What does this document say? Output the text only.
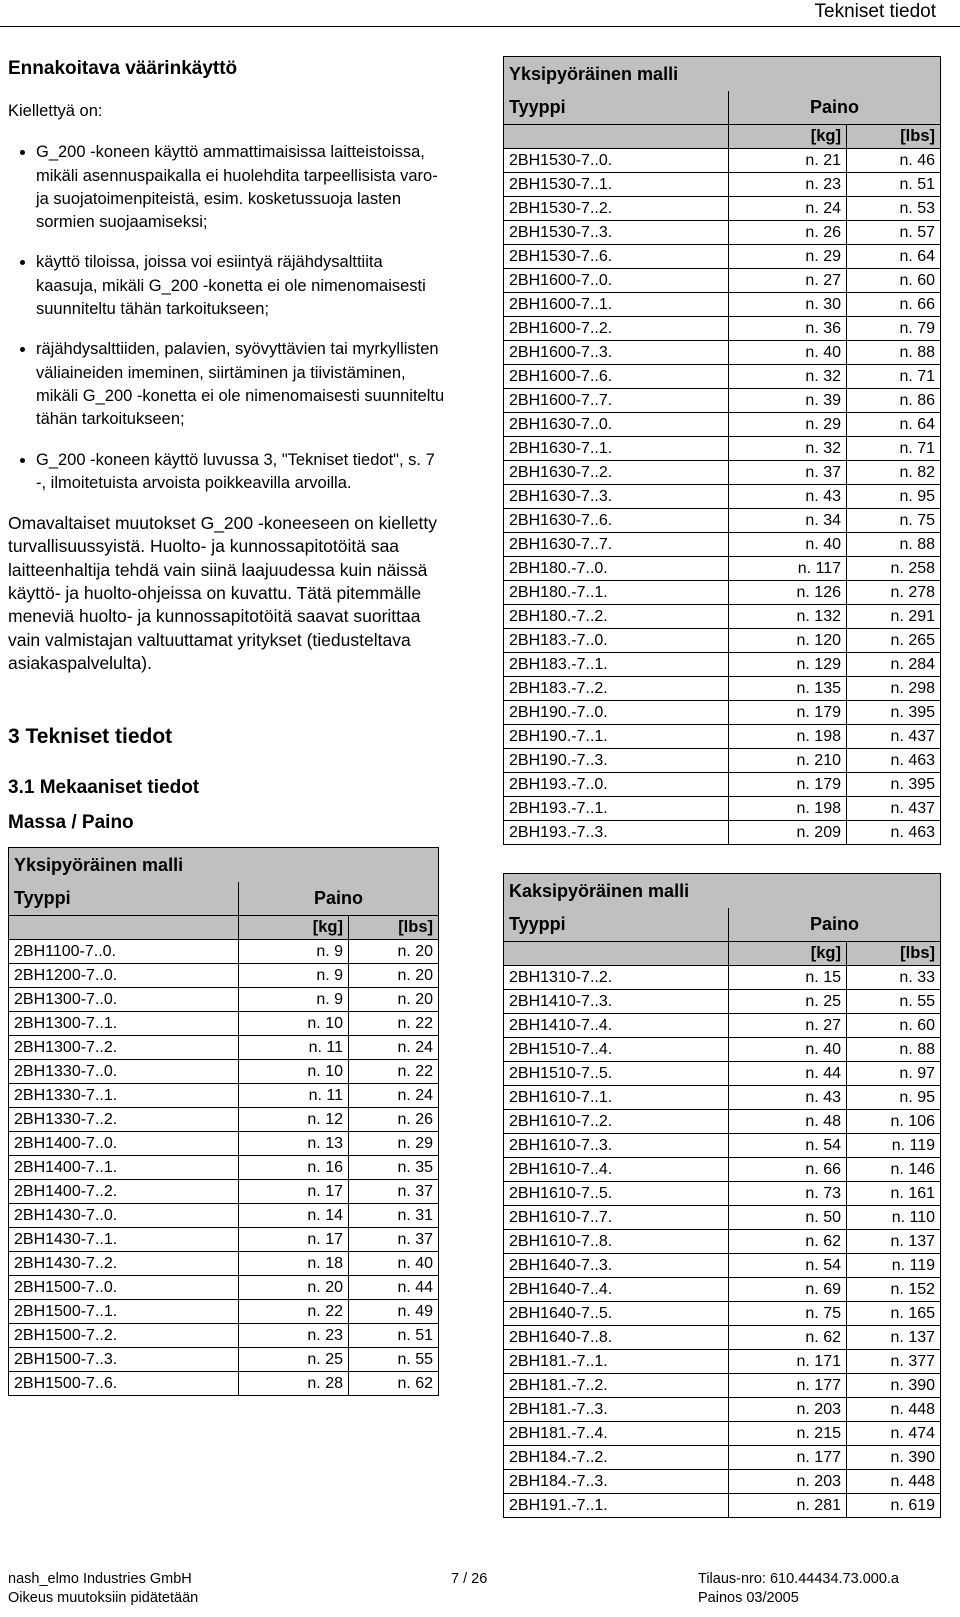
Tekniset tiedot
Ennakoitava väärinkäyttö

Kiellettyä on:

• G_200 -koneen käyttö ammattimaisissa laitteistoissa, mikäli asennuspaikalla ei huolehdita tarpeellisista varo- ja suojatoimenpiteistä, esim. kosketussuoja lasten sormien suojaamiseksi;
• käyttö tiloissa, joissa voi esiintyä räjähdysalttiita kaasuja, mikäli G_200 -konetta ei ole nimenomaisesti suunniteltu tähän tarkoitukseen;
• räjähdysalttiiden, palavien, syövyttävien tai myrkyllisten väliaineiden imeminen, siirtäminen ja tiivistäminen, mikäli G_200 -konetta ei ole nimenomaisesti suunniteltu tähän tarkoitukseen;
• G_200 -koneen käyttö luvussa 3, "Tekniset tiedot", s. 7 -, ilmoitetuista arvoista poikkeavilla arvoilla.

Omavaltaiset muutokset G_200 -koneeseen on kielletty turvallisuussyistä. Huolto- ja kunnossapitotöitä saa laitteenhaltija tehdä vain siinä laajuudessa kuin näissä käyttö- ja huolto-ohjeissa on kuvattu. Tätä pitemmälle meneviä huolto- ja kunnossapitotöitä saavat suorittaa vain valmistajan valtuuttamat yritykset (tiedusteltava asiakaspalvelulta).

3 Tekniset tiedot
3.1 Mekaaniset tiedot
Massa / Paino
Yksipyöräinen malli		
Tyyppi	Paino	
	[kg]	[lbs]
2BH1100-7..0.	n. 9	n. 20
2BH1200-7..0.	n. 9	n. 20
2BH1300-7..0.	n. 9	n. 20
2BH1300-7..1.	n. 10	n. 22
2BH1300-7..2.	n. 11	n. 24
2BH1330-7..0.	n. 10	n. 22
2BH1330-7..1.	n. 11	n. 24
2BH1330-7..2.	n. 12	n. 26
2BH1400-7..0.	n. 13	n. 29
2BH1400-7..1.	n. 16	n. 35
2BH1400-7..2.	n. 17	n. 37
2BH1430-7..0.	n. 14	n. 31
2BH1430-7..1.	n. 17	n. 37
2BH1430-7..2.	n. 18	n. 40
2BH1500-7..0.	n. 20	n. 44
2BH1500-7..1.	n. 22	n. 49
2BH1500-7..2.	n. 23	n. 51
2BH1500-7..3.	n. 25	n. 55
2BH1500-7..6.	n. 28	n. 62
Yksipyöräinen malli		
Tyyppi	Paino	
	[kg]	[lbs]
2BH1530-7..0.	n. 21	n. 46
2BH1530-7..1.	n. 23	n. 51
2BH1530-7..2.	n. 24	n. 53
2BH1530-7..3.	n. 26	n. 57
2BH1530-7..6.	n. 29	n. 64
2BH1600-7..0.	n. 27	n. 60
2BH1600-7..1.	n. 30	n. 66
2BH1600-7..2.	n. 36	n. 79
2BH1600-7..3.	n. 40	n. 88
2BH1600-7..6.	n. 32	n. 71
2BH1600-7..7.	n. 39	n. 86
2BH1630-7..0.	n. 29	n. 64
2BH1630-7..1.	n. 32	n. 71
2BH1630-7..2.	n. 37	n. 82
2BH1630-7..3.	n. 43	n. 95
2BH1630-7..6.	n. 34	n. 75
2BH1630-7..7.	n. 40	n. 88
2BH180.-7..0.	n. 117	n. 258
2BH180.-7..1.	n. 126	n. 278
2BH180.-7..2.	n. 132	n. 291
2BH183.-7..0.	n. 120	n. 265
2BH183.-7..1.	n. 129	n. 284
2BH183.-7..2.	n. 135	n. 298
2BH190.-7..0.	n. 179	n. 395
2BH190.-7..1.	n. 198	n. 437
2BH190.-7..3.	n. 210	n. 463
2BH193.-7..0.	n. 179	n. 395
2BH193.-7..1.	n. 198	n. 437
2BH193.-7..3.	n. 209	n. 463
Kaksipyöräinen malli		
Tyyppi	Paino	
	[kg]	[lbs]
2BH1310-7..2.	n. 15	n. 33
2BH1410-7..3.	n. 25	n. 55
2BH1410-7..4.	n. 27	n. 60
2BH1510-7..4.	n. 40	n. 88
2BH1510-7..5.	n. 44	n. 97
2BH1610-7..1.	n. 43	n. 95
2BH1610-7..2.	n. 48	n. 106
2BH1610-7..3.	n. 54	n. 119
2BH1610-7..4.	n. 66	n. 146
2BH1610-7..5.	n. 73	n. 161
2BH1610-7..7.	n. 50	n. 110
2BH1610-7..8.	n. 62	n. 137
2BH1640-7..3.	n. 54	n. 119
2BH1640-7..4.	n. 69	n. 152
2BH1640-7..5.	n. 75	n. 165
2BH1640-7..8.	n. 62	n. 137
2BH181.-7..1.	n. 171	n. 377
2BH181.-7..2.	n. 177	n. 390
2BH181.-7..3.	n. 203	n. 448
2BH181.-7..4.	n. 215	n. 474
2BH184.-7..2.	n. 177	n. 390
2BH184.-7..3.	n. 203	n. 448
2BH191.-7..1.	n. 281	n. 619
nash_elmo Industries GmbH	7 / 26	Tilaus-nro: 610.44434.73.000.a
Oikeus muutoksiin pidätetään	Painos 03/2005
